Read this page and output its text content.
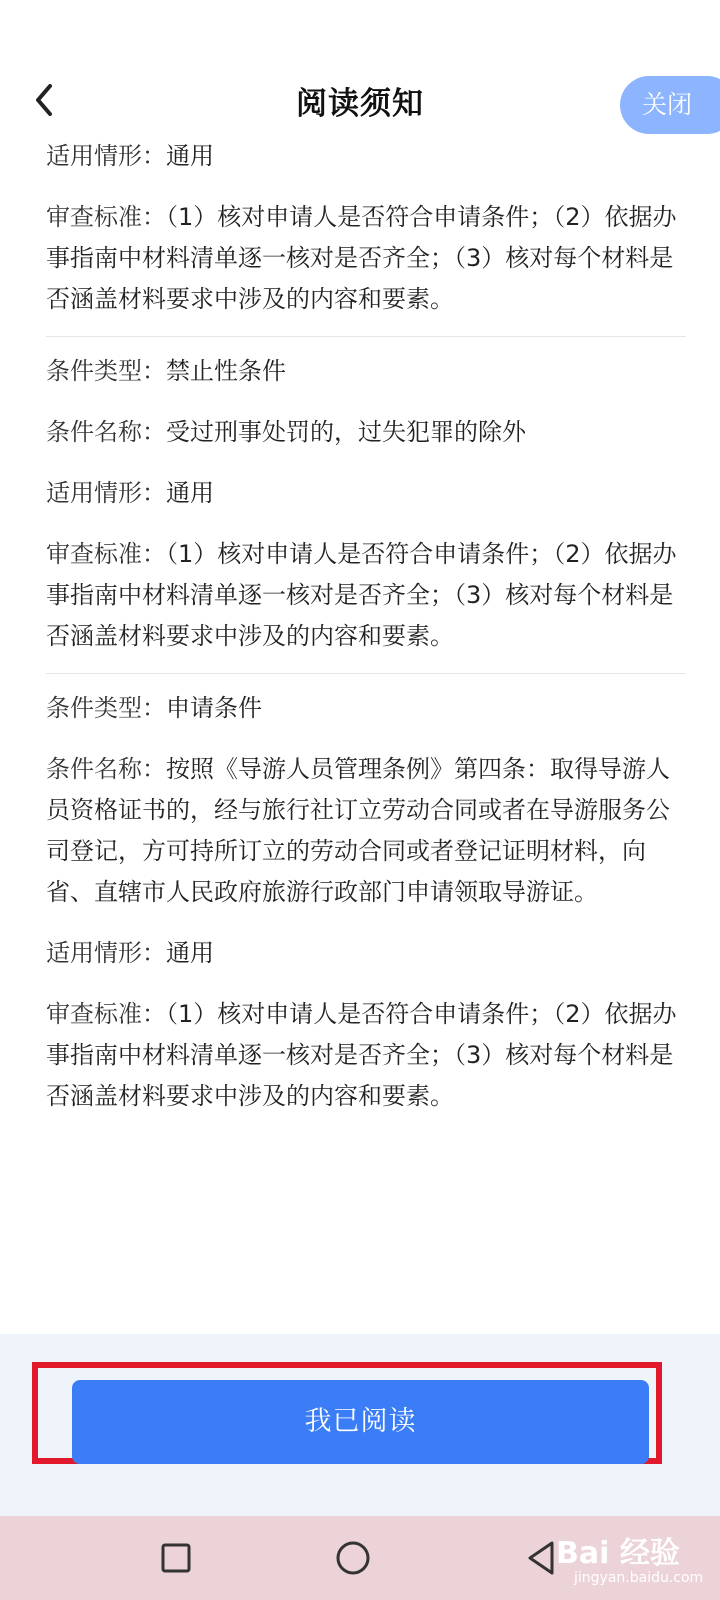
阅读须知	关闭

适用情形：通用

审查标准：（1）核对申请人是否符合申请条件；（2）依据办事指南中材料清单逐一核对是否齐全；（3）核对每个材料是否涵盖材料要求中涉及的内容和要素。

条件类型：禁止性条件

条件名称：受过刑事处罚的，过失犯罪的除外

适用情形：通用

审查标准：（1）核对申请人是否符合申请条件；（2）依据办事指南中材料清单逐一核对是否齐全；（3）核对每个材料是否涵盖材料要求中涉及的内容和要素。

条件类型：申请条件

条件名称：按照《导游人员管理条例》第四条：取得导游人员资格证书的，经与旅行社订立劳动合同或者在导游服务公司登记，方可持所订立的劳动合同或者登记证明材料，向省、直辖市人民政府旅游行政部门申请领取导游证。

适用情形：通用

审查标准：（1）核对申请人是否符合申请条件；（2）依据办事指南中材料清单逐一核对是否齐全；（3）核对每个材料是否涵盖材料要求中涉及的内容和要素。

我已阅读
Bai 经验
jingyan.baidu.com
